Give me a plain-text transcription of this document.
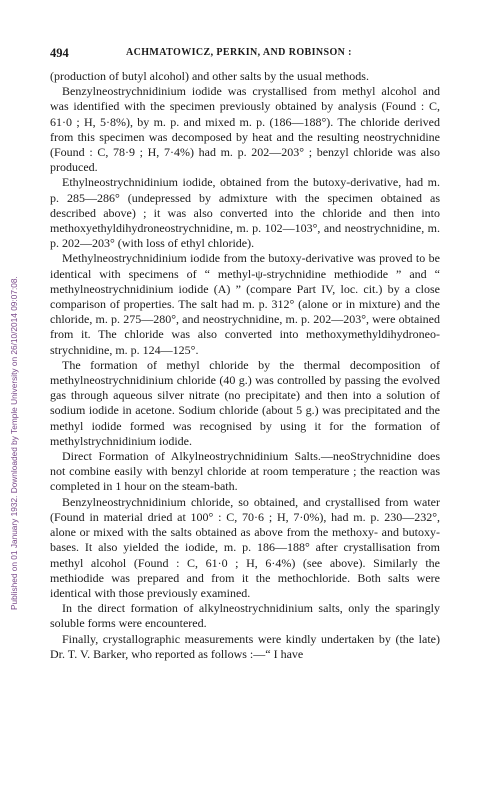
Published on 01 January 1932. Downloaded by Temple University on 26/10/2014 09:07:08.
494	ACHMATOWICZ, PERKIN, AND ROBINSON :

(production of butyl alcohol) and other salts by the usual methods.

Benzylneostrychnidinium iodide was crystallised from methyl alcohol and was identified with the specimen previously obtained by analysis (Found : C, 61·0 ; H, 5·8%), by m. p. and mixed m. p. (186—188°). The chloride derived from this specimen was decomposed by heat and the resulting neostrychnidine (Found : C, 78·9 ; H, 7·4%) had m. p. 202—203° ; benzyl chloride was also produced.

Ethylneostrychnidinium iodide, obtained from the butoxy-derivative, had m. p. 285—286° (undepressed by admixture with the specimen obtained as described above) ; it was also converted into the chloride and then into methoxyethyldihydroneostrychnidine, m. p. 102—103°, and neostrychnidine, m. p. 202—203° (with loss of ethyl chloride).

Methylneostrychnidinium iodide from the butoxy-derivative was proved to be identical with specimens of “ methyl-ψ-strychnidine methiodide ” and “ methylneostrychnidinium iodide (A) ” (compare Part IV, loc. cit.) by a close comparison of properties. The salt had m. p. 312° (alone or in mixture) and the chloride, m. p. 275—280°, and neostrychnidine, m. p. 202—203°, were obtained from it. The chloride was also converted into methoxymethyldihydroneo-strychnidine, m. p. 124—125°.

The formation of methyl chloride by the thermal decomposition of methylneostrychnidinium chloride (40 g.) was controlled by passing the evolved gas through aqueous silver nitrate (no precipitate) and then into a solution of sodium iodide in acetone. Sodium chloride (about 5 g.) was precipitated and the methyl iodide formed was recognised by using it for the formation of methylstrychnidinium iodide.

Direct Formation of Alkylneostrychnidinium Salts.—neoStrychnidine does not combine easily with benzyl chloride at room temperature ; the reaction was completed in 1 hour on the steam-bath.

Benzylneostrychnidinium chloride, so obtained, and crystallised from water (Found in material dried at 100° : C, 70·6 ; H, 7·0%), had m. p. 230—232°, alone or mixed with the salts obtained as above from the methoxy- and butoxy-bases. It also yielded the iodide, m. p. 186—188° after crystallisation from methyl alcohol (Found : C, 61·0 ; H, 6·4%) (see above). Similarly the methiodide was prepared and from it the methochloride. Both salts were identical with those previously examined.

In the direct formation of alkylneostrychnidinium salts, only the sparingly soluble forms were encountered.

Finally, crystallographic measurements were kindly undertaken by (the late) Dr. T. V. Barker, who reported as follows :—“ I have
